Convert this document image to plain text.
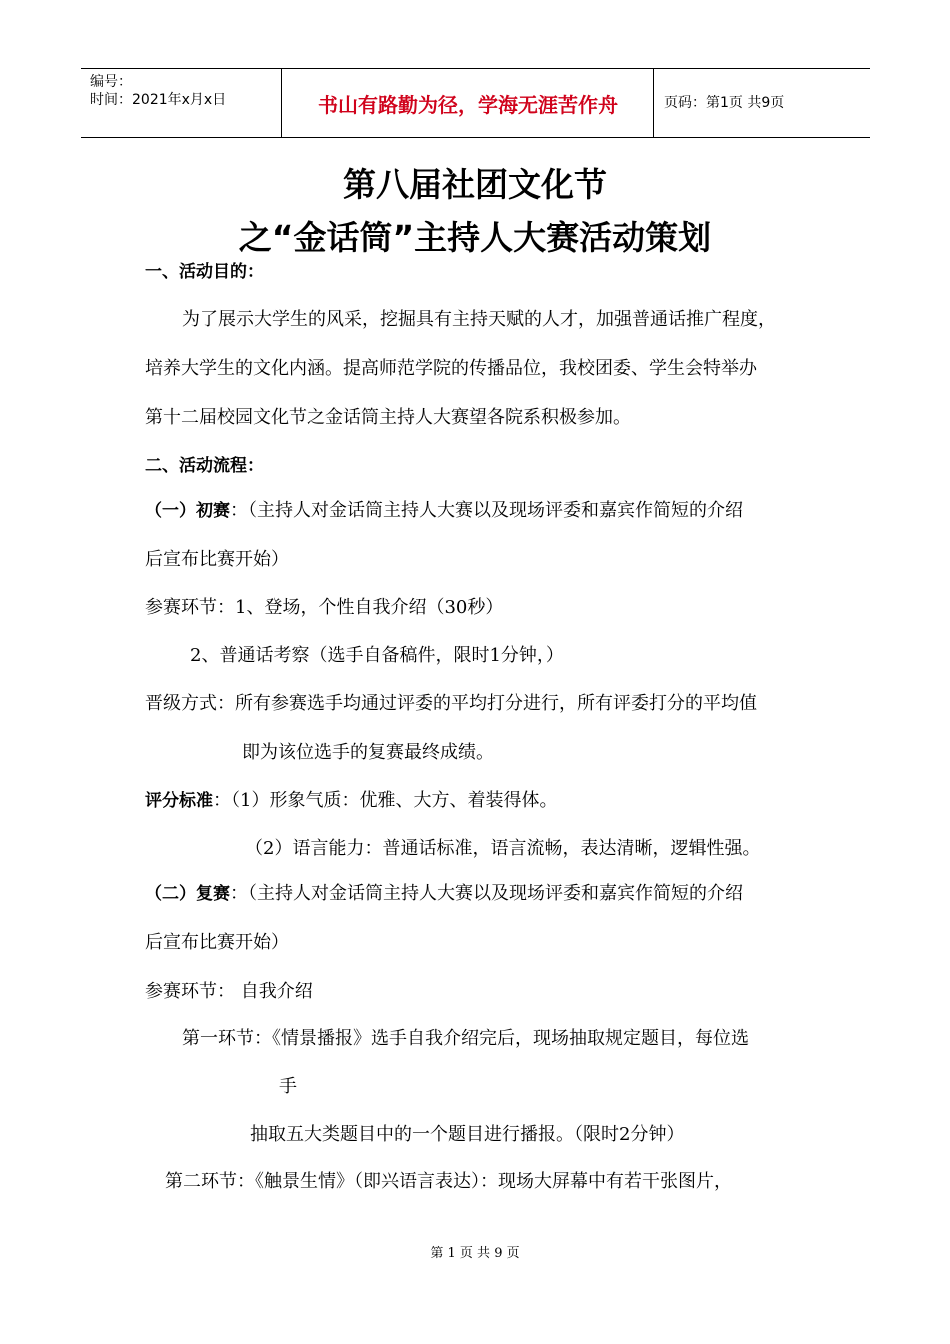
编号：
时间：2021年x月x日	书山有路勤为径，学海无涯苦作舟	页码：第1页 共9页
第八届社团文化节
之“金话筒”主持人大赛活动策划
一、活动目的：
为了展示大学生的风采，挖掘具有主持天赋的人才，加强普通话推广程度，
培养大学生的文化内涵。提高师范学院的传播品位，我校团委、学生会特举办
第十二届校园文化节之金话筒主持人大赛望各院系积极参加。
二、活动流程：
（一）初赛：（主持人对金话筒主持人大赛以及现场评委和嘉宾作简短的介绍
后宣布比赛开始）
参赛环节：1、登场，个性自我介绍（30秒）
2、普通话考察（选手自备稿件，限时1分钟，）
晋级方式：所有参赛选手均通过评委的平均打分进行，所有评委打分的平均值
即为该位选手的复赛最终成绩。
评分标准：（1）形象气质：优雅、大方、着装得体。
（2）语言能力：普通话标准，语言流畅，表达清晰，逻辑性强。
（二）复赛：（主持人对金话筒主持人大赛以及现场评委和嘉宾作简短的介绍
后宣布比赛开始）
参赛环节： 自我介绍
第一环节：《情景播报》选手自我介绍完后，现场抽取规定题目，每位选
手
抽取五大类题目中的一个题目进行播报。（限时2分钟）
第二环节：《触景生情》（即兴语言表达）：现场大屏幕中有若干张图片，
第 1 页 共 9 页
